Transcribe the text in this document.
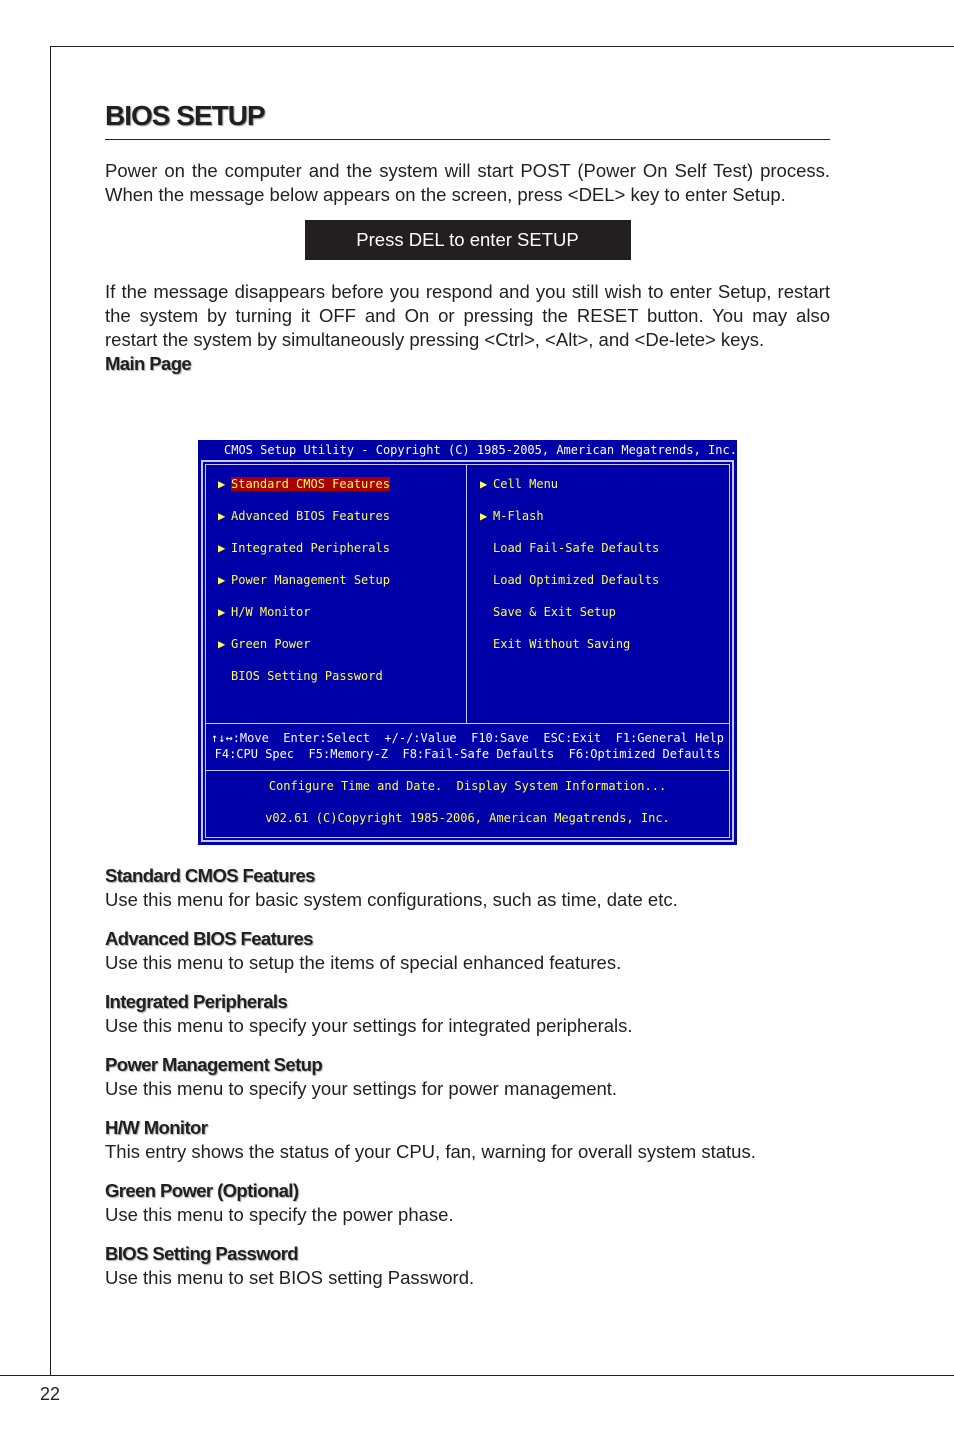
22
BIOS SETUP

Power on the computer and the system will start POST (Power On Self Test) process. When the message below appears on the screen, press <DEL> key to enter Setup.

Press DEL to enter SETUP

If the message disappears before you respond and you still wish to enter Setup, restart the system by turning it OFF and On or pressing the RESET button. You may also restart the system by simultaneously pressing <Ctrl>, <Alt>, and <De-lete> keys.

Main Page
CMOS Setup Utility - Copyright (C) 1985-2005, American Megatrends, Inc.
▶ Standard CMOS Features
▶ Advanced BIOS Features
▶ Integrated Peripherals
▶ Power Management Setup
▶ H/W Monitor
▶ Green Power
BIOS Setting Password
▶ Cell Menu
▶ M-Flash
Load Fail-Safe Defaults
Load Optimized Defaults
Save & Exit Setup
Exit Without Saving
↑↓↔:Move  Enter:Select  +/-/:Value  F10:Save  ESC:Exit  F1:General Help
F4:CPU Spec  F5:Memory-Z  F8:Fail-Safe Defaults  F6:Optimized Defaults
Configure Time and Date.  Display System Information...
v02.61 (C)Copyright 1985-2006, American Megatrends, Inc.
Standard CMOS Features

Use this menu for basic system configurations, such as time, date etc.

Advanced BIOS Features

Use this menu to setup the items of special enhanced features.

Integrated Peripherals

Use this menu to specify your settings for integrated peripherals.

Power Management Setup

Use this menu to specify your settings for power management.

H/W Monitor

This entry shows the status of your CPU, fan, warning for overall system status.

Green Power (Optional)

Use this menu to specify the power phase.

BIOS Setting Password

Use this menu to set BIOS setting Password.
